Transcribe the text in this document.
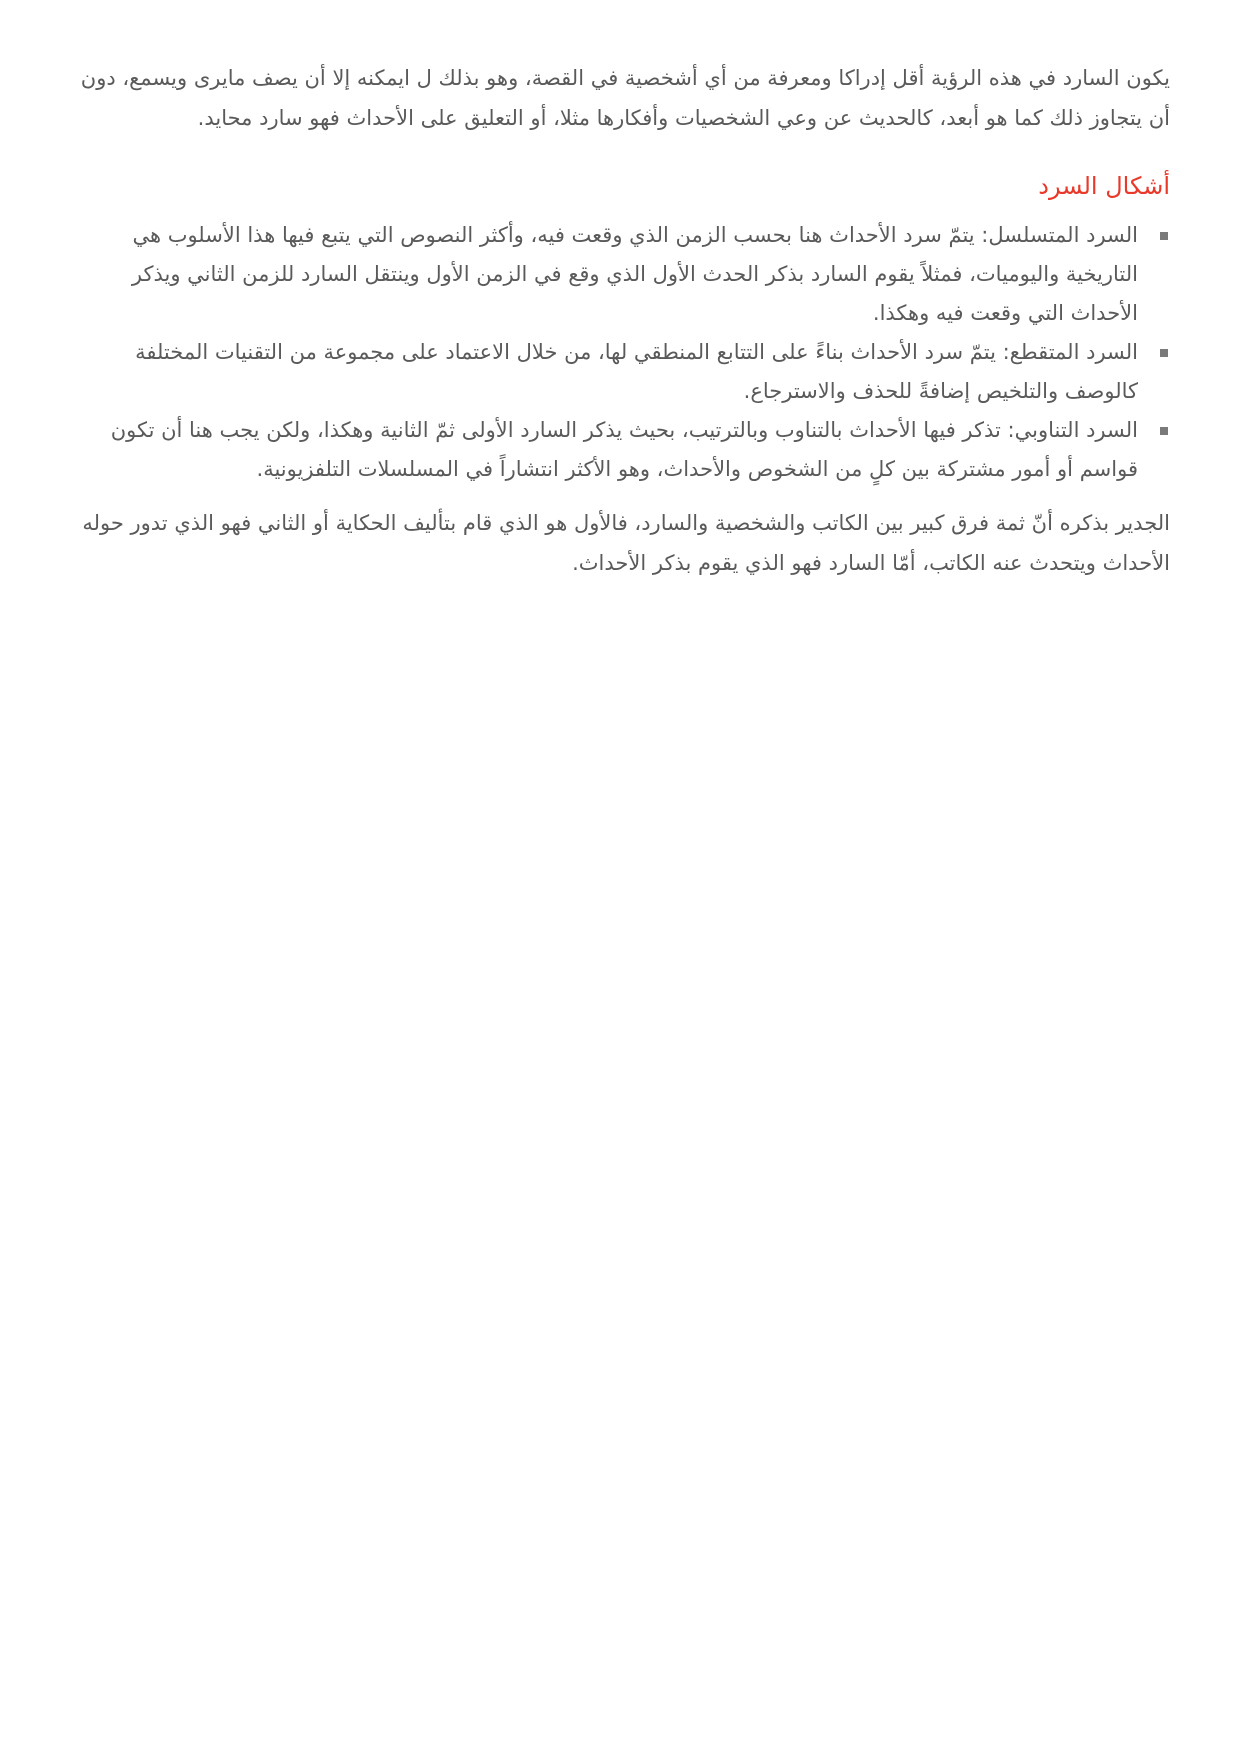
يكون السارد في هذه الرؤية أقل إدراكا ومعرفة من أي أشخصية في القصة، وهو بذلك ل ايمكنه إلا أن يصف مايرى ويسمع، دون أن يتجاوز ذلك كما هو أبعد، كالحديث عن وعي الشخصيات وأفكارها مثلا، أو التعليق على الأحداث فهو سارد محايد.

أشكال السرد
السرد المتسلسل: يتمّ سرد الأحداث هنا بحسب الزمن الذي وقعت فيه، وأكثر النصوص التي يتبع فيها هذا الأسلوب هي التاريخية واليوميات، فمثلاً يقوم السارد بذكر الحدث الأول الذي وقع في الزمن الأول وينتقل السارد للزمن الثاني ويذكر الأحداث التي وقعت فيه وهكذا.
السرد المتقطع: يتمّ سرد الأحداث بناءً على التتابع المنطقي لها، من خلال الاعتماد على مجموعة من التقنيات المختلفة كالوصف والتلخيص إضافةً للحذف والاسترجاع.
السرد التناوبي: تذكر فيها الأحداث بالتناوب وبالترتيب، بحيث يذكر السارد الأولى ثمّ الثانية وهكذا، ولكن يجب هنا أن تكون قواسم أو أمور مشتركة بين كلٍ من الشخوص والأحداث، وهو الأكثر انتشاراً في المسلسلات التلفزيونية.

الجدير بذكره أنّ ثمة فرق كبير بين الكاتب والشخصية والسارد، فالأول هو الذي قام بتأليف الحكاية أو الثاني فهو الذي تدور حوله الأحداث ويتحدث عنه الكاتب، أمّا السارد فهو الذي يقوم بذكر الأحداث.
